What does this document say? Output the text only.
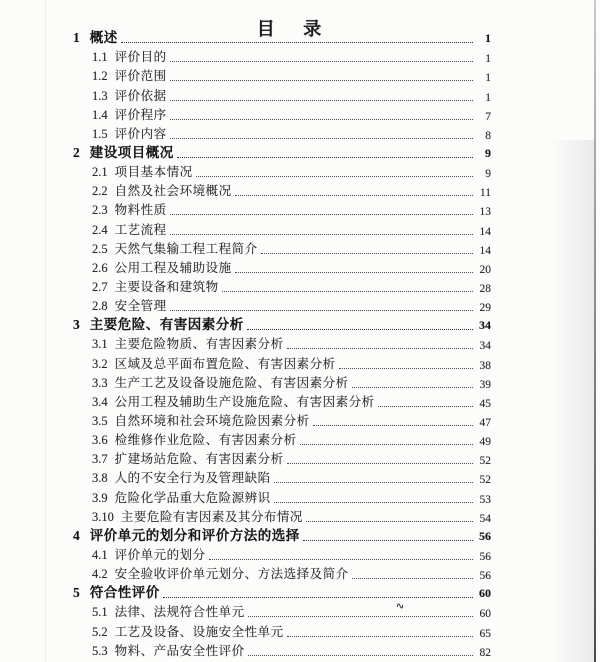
目 录
1 概述	1
1.1 评价目的	1
1.2 评价范围	1
1.3 评价依据	1
1.4 评价程序	7
1.5 评价内容	8
2 建设项目概况	9
2.1 项目基本情况	9
2.2 自然及社会环境概况	11
2.3 物料性质	13
2.4 工艺流程	14
2.5 天然气集输工程工程简介	14
2.6 公用工程及辅助设施	20
2.7 主要设备和建筑物	28
2.8 安全管理	29
3 主要危险、有害因素分析	34
3.1 主要危险物质、有害因素分析	34
3.2 区域及总平面布置危险、有害因素分析	38
3.3 生产工艺及设备设施危险、有害因素分析	39
3.4 公用工程及辅助生产设施危险、有害因素分析	45
3.5 自然环境和社会环境危险因素分析	47
3.6 检维修作业危险、有害因素分析	49
3.7 扩建场站危险、有害因素分析	52
3.8 人的不安全行为及管理缺陷	52
3.9 危险化学品重大危险源辨识	53
3.10 主要危险有害因素及其分布情况	54
4 评价单元的划分和评价方法的选择	56
4.1 评价单元的划分	56
4.2 安全验收评价单元划分、方法选择及简介	56
5 符合性评价	60
5.1 法律、法规符合性单元	60
5.2 工艺及设备、设施安全性单元	65
5.3 物料、产品安全性评价	82
∿
